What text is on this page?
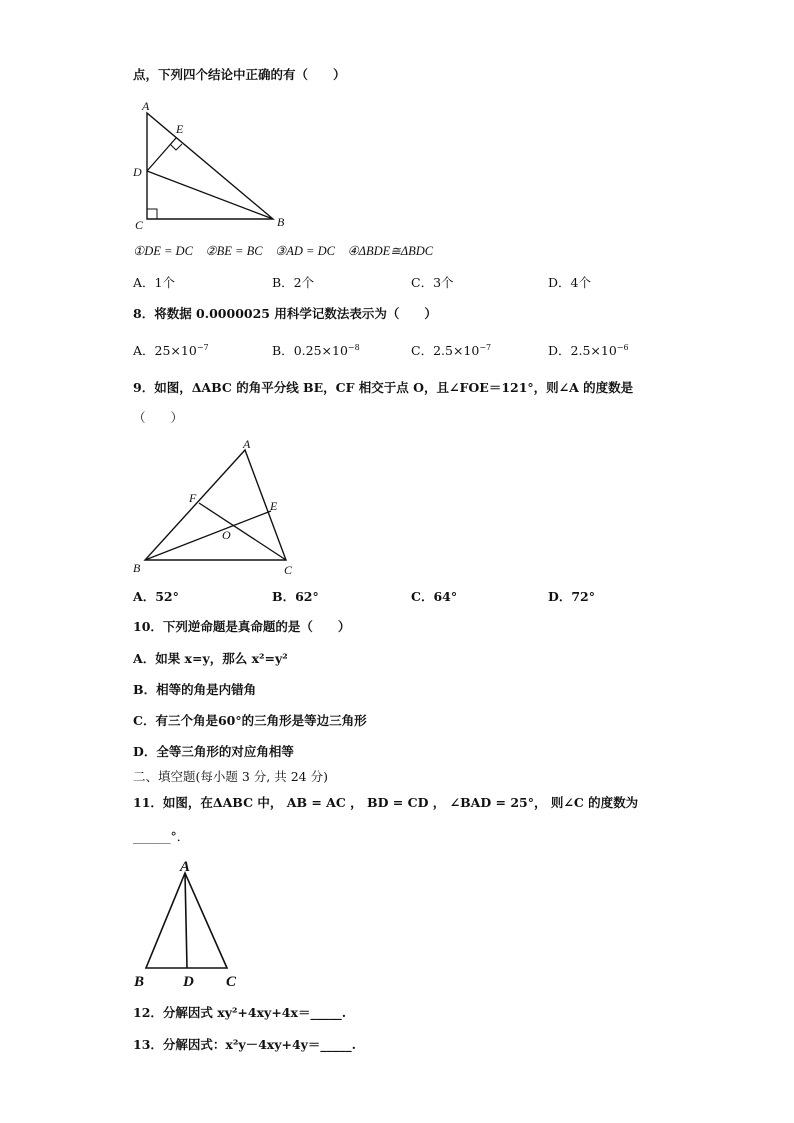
点，下列四个结论中正确的有（　　）
A
E
D
C	B
①DE = DC　②BE = BC　③AD = DC　④ΔBDE≅ΔBDC
A．1个	B．2个	C．3个	D．4个
8．将数据 0.0000025 用科学记数法表示为（　　）
A．$25\times 10^{-7}$	B．$0.25\times 10^{-8}$	C．$2.5\times 10^{-7}$	D．$2.5\times 10^{-6}$
9．如图，ΔABC 的角平分线 BE，CF 相交于点 O，且∠FOE＝121°，则∠A 的度数是
（　　）
A
F
E
O
B	C
A．52°	B．62°	C．64°	D．72°
10．下列逆命题是真命题的是（　　）
A．如果 x=y，那么 x²=y²
B．相等的角是内错角
C．有三个角是60°的三角形是等边三角形
D．全等三角形的对应角相等
二、填空题(每小题 3 分, 共 24 分)
11．如图，在ΔABC 中， AB = AC ， BD = CD ， ∠BAD = 25°， 则∠C 的度数为
______°．
A
B	D C
12．分解因式 xy²+4xy+4x＝_____.
13．分解因式：x²y－4xy+4y＝_____.
